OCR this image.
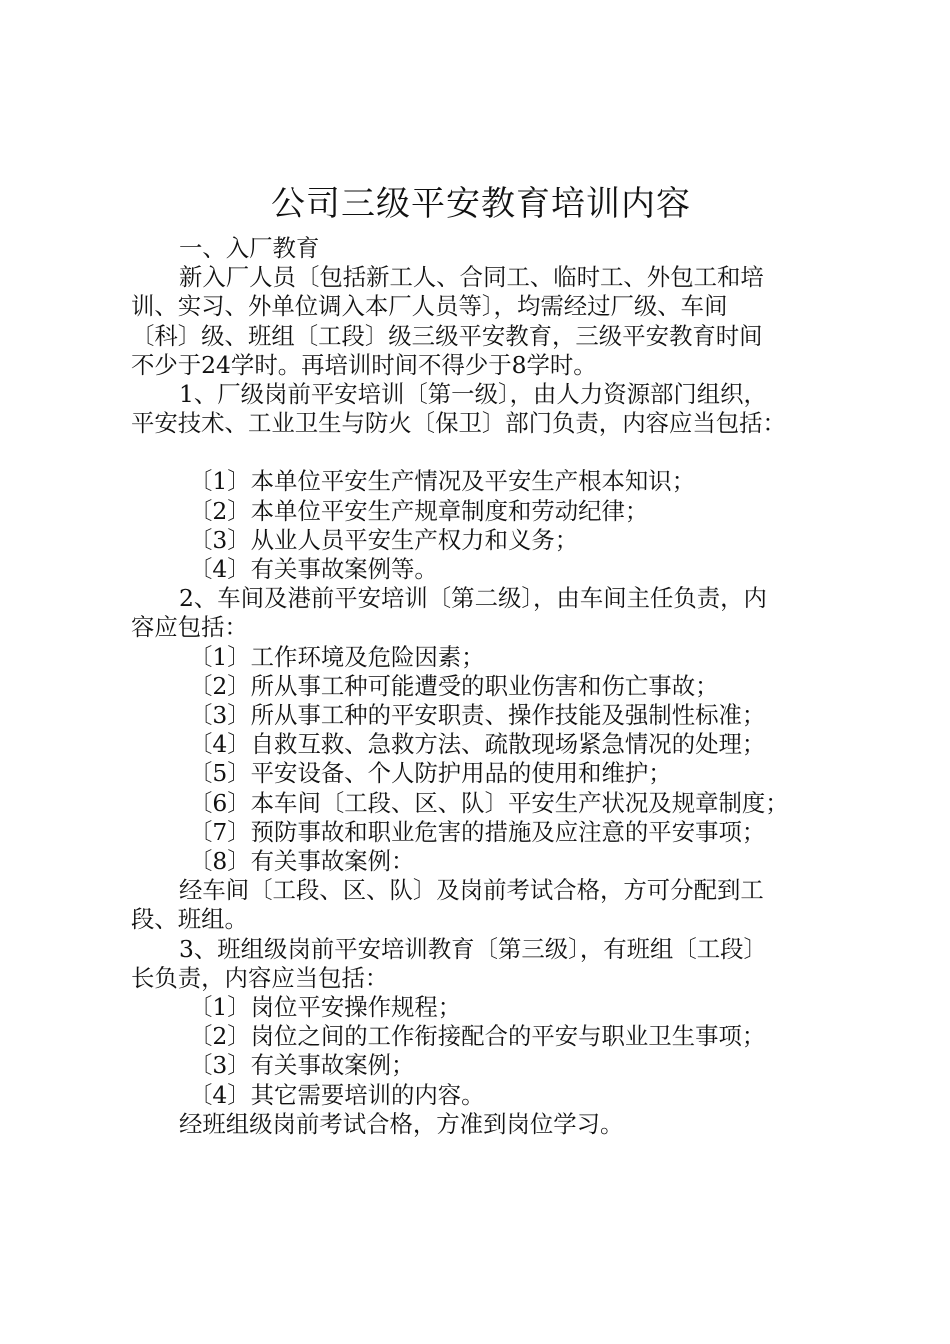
公司三级平安教育培训内容

一、入厂教育

新入厂人员〔包括新工人、合同工、临时工、外包工和培

训、实习、外单位调入本厂人员等〕，均需经过厂级、车间

〔科〕级、班组〔工段〕级三级平安教育，三级平安教育时间

不少于24学时。再培训时间不得少于8学时。

1、厂级岗前平安培训〔第一级〕，由人力资源部门组织，

平安技术、工业卫生与防火〔保卫〕部门负责，内容应当包括：

〔1〕本单位平安生产情况及平安生产根本知识；

〔2〕本单位平安生产规章制度和劳动纪律；

〔3〕从业人员平安生产权力和义务；

〔4〕有关事故案例等。

2、车间及港前平安培训〔第二级〕，由车间主任负责，内

容应包括：

〔1〕工作环境及危险因素；

〔2〕所从事工种可能遭受的职业伤害和伤亡事故；

〔3〕所从事工种的平安职责、操作技能及强制性标准；

〔4〕自救互救、急救方法、疏散现场紧急情况的处理；

〔5〕平安设备、个人防护用品的使用和维护；

〔6〕本车间〔工段、区、队〕平安生产状况及规章制度；

〔7〕预防事故和职业危害的措施及应注意的平安事项；

〔8〕有关事故案例：

经车间〔工段、区、队〕及岗前考试合格，方可分配到工

段、班组。

3、班组级岗前平安培训教育〔第三级〕，有班组〔工段〕

长负责，内容应当包括：

〔1〕岗位平安操作规程；

〔2〕岗位之间的工作衔接配合的平安与职业卫生事项；

〔3〕有关事故案例；

〔4〕其它需要培训的内容。

经班组级岗前考试合格，方准到岗位学习。
